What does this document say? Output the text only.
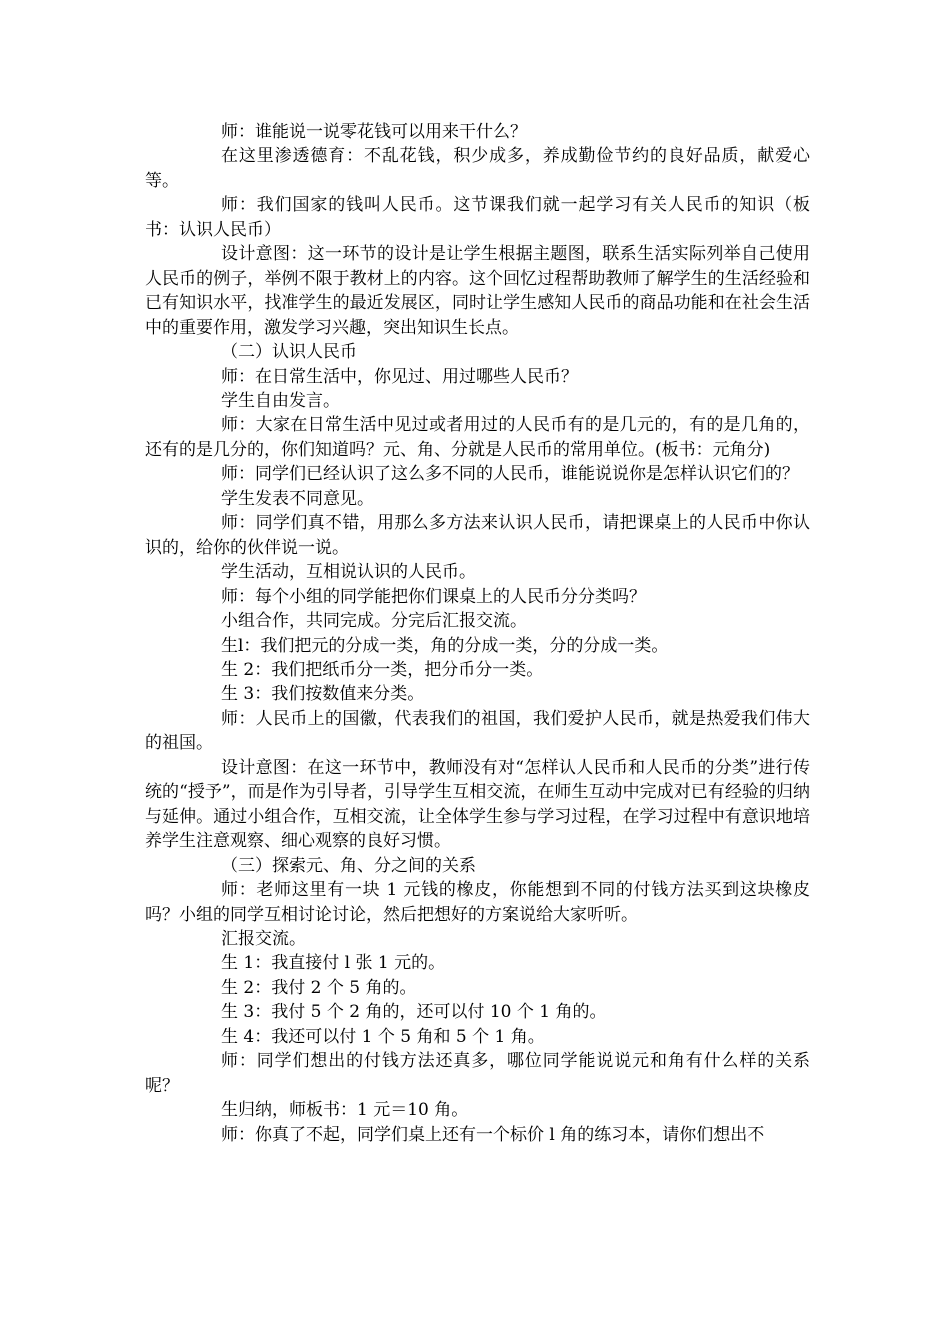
师：谁能说一说零花钱可以用来干什么？

在这里渗透德育：不乱花钱，积少成多，养成勤俭节约的良好品质，献爱心等。

师：我们国家的钱叫人民币。这节课我们就一起学习有关人民币的知识（板书：认识人民币）

设计意图：这一环节的设计是让学生根据主题图，联系生活实际列举自己使用人民币的例子，举例不限于教材上的内容。这个回忆过程帮助教师了解学生的生活经验和已有知识水平，找准学生的最近发展区，同时让学生感知人民币的商品功能和在社会生活中的重要作用，激发学习兴趣，突出知识生长点。

（二）认识人民币

师：在日常生活中，你见过、用过哪些人民币？

学生自由发言。

师：大家在日常生活中见过或者用过的人民币有的是几元的，有的是几角的，还有的是几分的，你们知道吗？元、角、分就是人民币的常用单位。(板书：元角分)

师：同学们已经认识了这么多不同的人民币，谁能说说你是怎样认识它们的？

学生发表不同意见。

师：同学们真不错，用那么多方法来认识人民币，请把课桌上的人民币中你认识的，给你的伙伴说一说。

学生活动，互相说认识的人民币。

师：每个小组的同学能把你们课桌上的人民币分分类吗？

小组合作，共同完成。分完后汇报交流。

生l：我们把元的分成一类，角的分成一类，分的分成一类。

生 2：我们把纸币分一类，把分币分一类。

生 3：我们按数值来分类。

师：人民币上的国徽，代表我们的祖国，我们爱护人民币，就是热爱我们伟大的祖国。

设计意图：在这一环节中，教师没有对“怎样认人民币和人民币的分类”进行传统的“授予”，而是作为引导者，引导学生互相交流，在师生互动中完成对已有经验的归纳与延伸。通过小组合作，互相交流，让全体学生参与学习过程，在学习过程中有意识地培养学生注意观察、细心观察的良好习惯。

（三）探索元、角、分之间的关系

师：老师这里有一块 1 元钱的橡皮，你能想到不同的付钱方法买到这块橡皮吗？小组的同学互相讨论讨论，然后把想好的方案说给大家听听。

汇报交流。

生 1：我直接付 l 张 1 元的。

生 2：我付 2 个 5 角的。

生 3：我付 5 个 2 角的，还可以付 10 个 1 角的。

生 4：我还可以付 1 个 5 角和 5 个 1 角。

师：同学们想出的付钱方法还真多，哪位同学能说说元和角有什么样的关系呢？

生归纳，师板书：1 元＝10 角。

师：你真了不起，同学们桌上还有一个标价 l 角的练习本，请你们想出不
